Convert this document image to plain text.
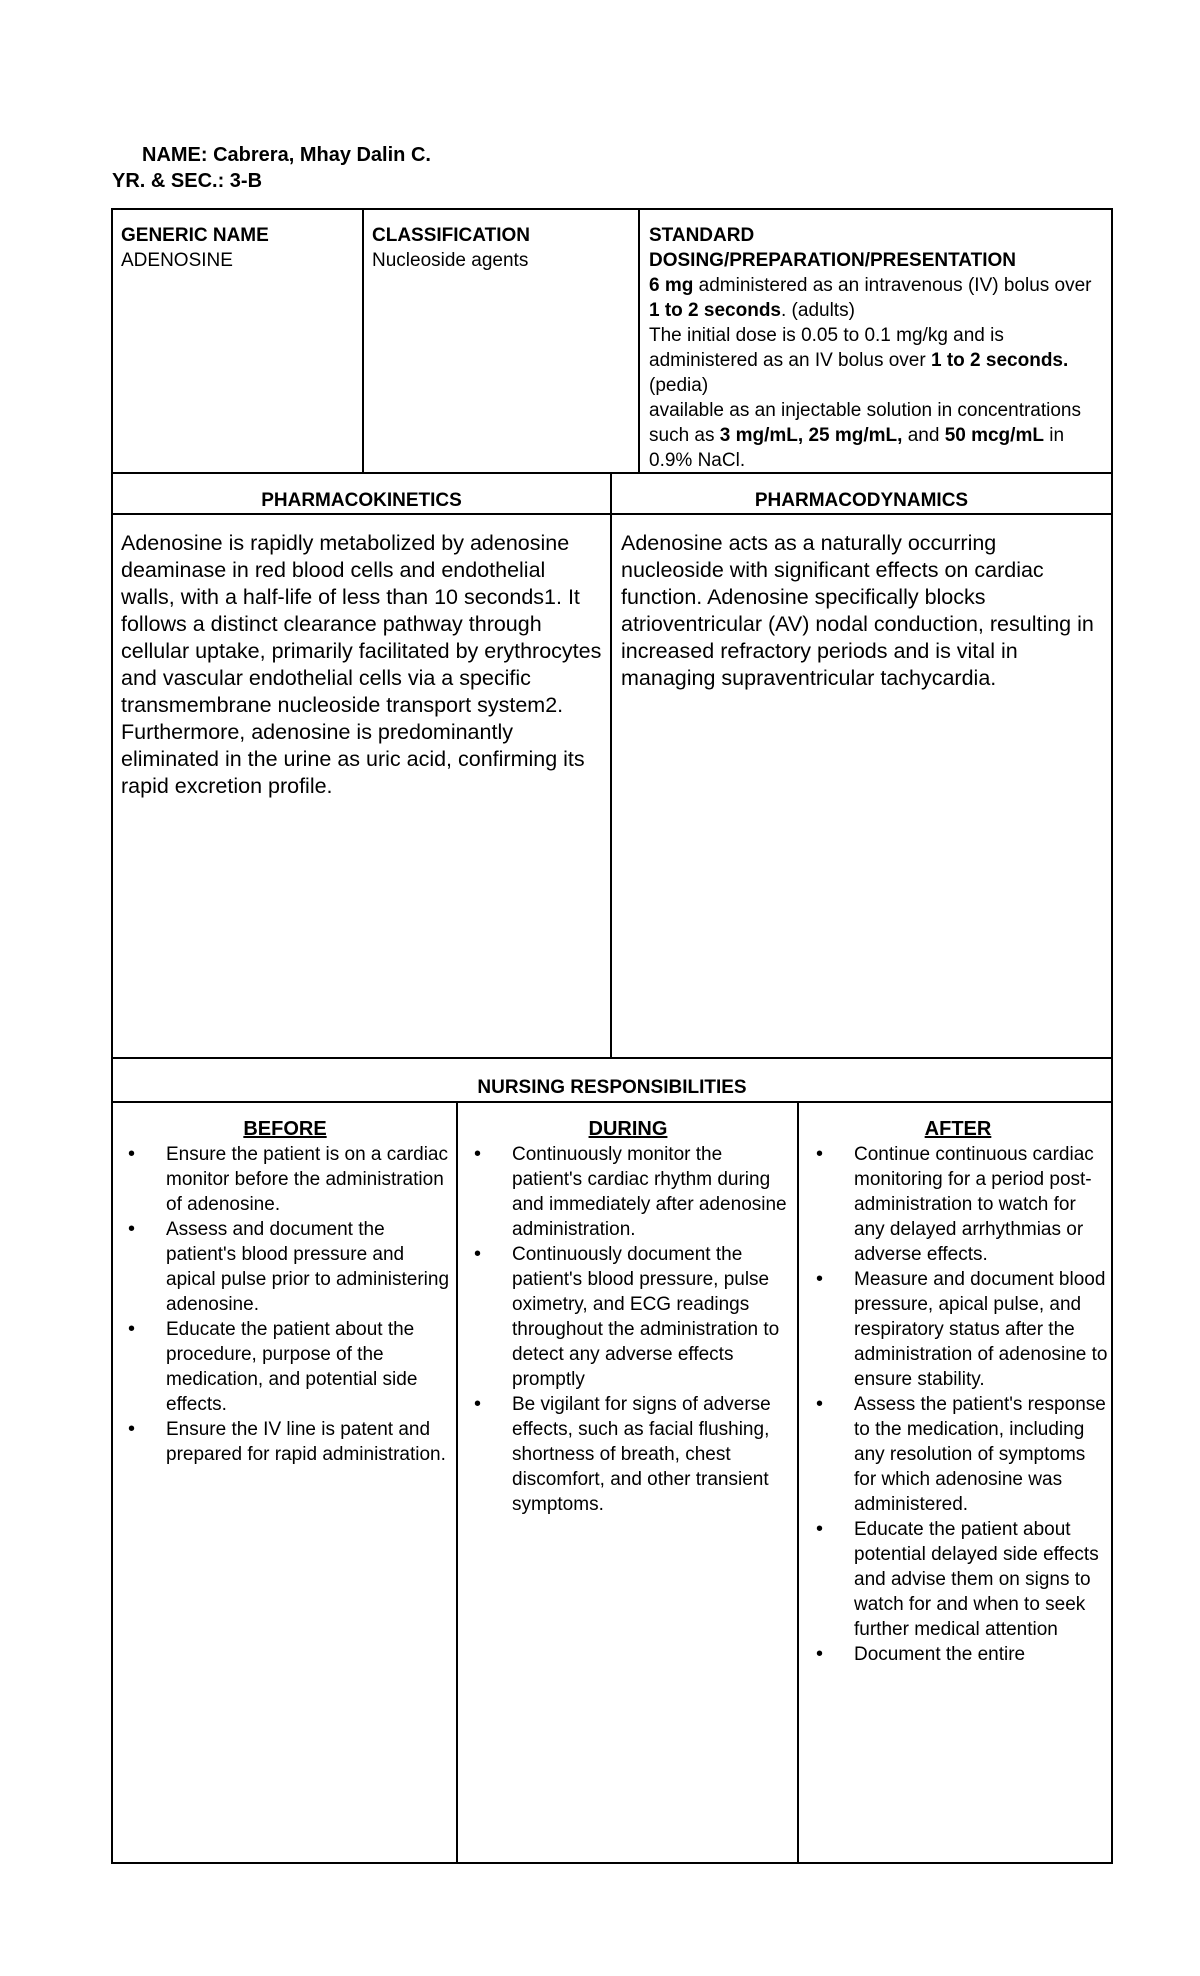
NAME: Cabrera, Mhay Dalin C.
YR. & SEC.: 3-B
GENERIC NAME
ADENOSINE
CLASSIFICATION
Nucleoside agents
STANDARD DOSING/PREPARATION/PRESENTATION
6 mg administered as an intravenous (IV) bolus over 1 to 2 seconds. (adults)
The initial dose is 0.05 to 0.1 mg/kg and is administered as an IV bolus over 1 to 2 seconds. (pedia)
available as an injectable solution in concentrations such as 3 mg/mL, 25 mg/mL, and 50 mcg/mL in 0.9% NaCl.
PHARMACOKINETICS	PHARMACODYNAMICS
Adenosine is rapidly metabolized by adenosine deaminase in red blood cells and endothelial walls, with a half-life of less than 10 seconds1. It follows a distinct clearance pathway through cellular uptake, primarily facilitated by erythrocytes and vascular endothelial cells via a specific transmembrane nucleoside transport system2. Furthermore, adenosine is predominantly eliminated in the urine as uric acid, confirming its rapid excretion profile.
Adenosine acts as a naturally occurring nucleoside with significant effects on cardiac function. Adenosine specifically blocks atrioventricular (AV) nodal conduction, resulting in increased refractory periods and is vital in managing supraventricular tachycardia.
NURSING RESPONSIBILITIES
BEFORE
• Ensure the patient is on a cardiac monitor before the administration of adenosine.
• Assess and document the patient's blood pressure and apical pulse prior to administering adenosine.
• Educate the patient about the procedure, purpose of the medication, and potential side effects.
• Ensure the IV line is patent and prepared for rapid administration.
DURING
• Continuously monitor the patient's cardiac rhythm during and immediately after adenosine administration.
• Continuously document the patient's blood pressure, pulse oximetry, and ECG readings throughout the administration to detect any adverse effects promptly
• Be vigilant for signs of adverse effects, such as facial flushing, shortness of breath, chest discomfort, and other transient symptoms.
AFTER
• Continue continuous cardiac monitoring for a period post-administration to watch for any delayed arrhythmias or adverse effects.
• Measure and document blood pressure, apical pulse, and respiratory status after the administration of adenosine to ensure stability.
• Assess the patient's response to the medication, including any resolution of symptoms for which adenosine was administered.
• Educate the patient about potential delayed side effects and advise them on signs to watch for and when to seek further medical attention
• Document the entire
